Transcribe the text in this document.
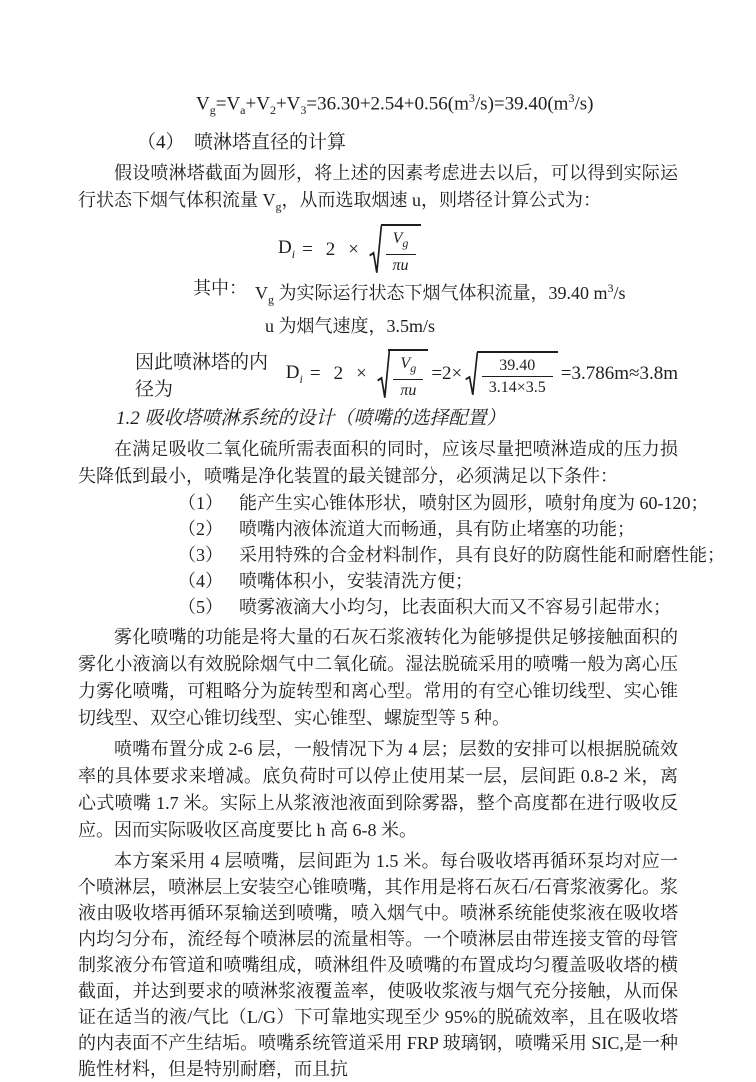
$V_g=V_a+V_2+V_3=36.30+2.54+0.56(m^3/s)=39.40(m^3/s)$
（4）　喷淋塔直径的计算

假设喷淋塔截面为圆形，将上述的因素考虑进去以后，可以得到实际运行状态下烟气体积流量 $V_g$，从而选取烟速 u，则塔径计算公式为：

$D_i = 2 \times \frac{V_g}{\pi u}$
其中： $V_g$ 为实际运行状态下烟气体积流量，39.40 $m^3/s$
u 为烟气速度，3.5m/s
因此喷淋塔的内径为
$D_i = 2 \times \frac{V_g}{\pi u} =2\times \frac{39.40}{3.14\times 3.5} =3.786m\approx 3.8m$
1.2 吸收塔喷淋系统的设计（喷嘴的选择配置）

在满足吸收二氧化硫所需表面积的同时，应该尽量把喷淋造成的压力损失降低到最小，喷嘴是净化装置的最关键部分，必须满足以下条件：

（1） 能产生实心锥体形状，喷射区为圆形，喷射角度为 60-120；
（2） 喷嘴内液体流道大而畅通，具有防止堵塞的功能；
（3） 采用特殊的合金材料制作，具有良好的防腐性能和耐磨性能；
（4） 喷嘴体积小，安装清洗方便；
（5） 喷雾液滴大小均匀，比表面积大而又不容易引起带水；

雾化喷嘴的功能是将大量的石灰石浆液转化为能够提供足够接触面积的雾化小液滴以有效脱除烟气中二氧化硫。湿法脱硫采用的喷嘴一般为离心压力雾化喷嘴，可粗略分为旋转型和离心型。常用的有空心锥切线型、实心锥切线型、双空心锥切线型、实心锥型、螺旋型等 5 种。

喷嘴布置分成 2-6 层，一般情况下为 4 层；层数的安排可以根据脱硫效率的具体要求来增减。底负荷时可以停止使用某一层，层间距 0.8-2 米，离心式喷嘴 1.7 米。实际上从浆液池液面到除雾器，整个高度都在进行吸收反应。因而实际吸收区高度要比 h 高 6-8 米。

本方案采用 4 层喷嘴，层间距为 1.5 米。每台吸收塔再循环泵均对应一个喷淋层，喷淋层上安装空心锥喷嘴，其作用是将石灰石/石膏浆液雾化。浆液由吸收塔再循环泵输送到喷嘴，喷入烟气中。喷淋系统能使浆液在吸收塔内均匀分布，流经每个喷淋层的流量相等。一个喷淋层由带连接支管的母管制浆液分布管道和喷嘴组成，喷淋组件及喷嘴的布置成均匀覆盖吸收塔的横截面，并达到要求的喷淋浆液覆盖率，使吸收浆液与烟气充分接触，从而保证在适当的液/气比（L/G）下可靠地实现至少 95%的脱硫效率，且在吸收塔的内表面不产生结垢。喷嘴系统管道采用 FRP 玻璃钢，喷嘴采用 SIC,是一种脆性材料，但是特别耐磨，而且抗
